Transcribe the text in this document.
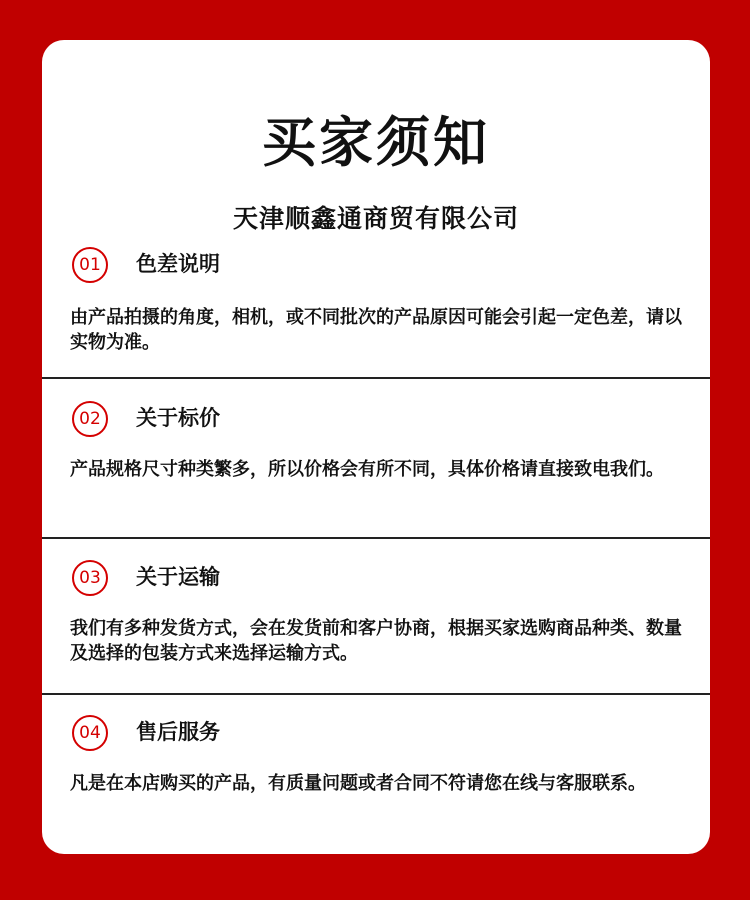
买家须知
天津顺鑫通商贸有限公司
01	色差说明
由产品拍摄的角度，相机，或不同批次的产品原因可能会引起一定色差，请以实物为准。
02	关于标价
产品规格尺寸种类繁多，所以价格会有所不同，具体价格请直接致电我们。
03	关于运输
我们有多种发货方式，会在发货前和客户协商，根据买家选购商品种类、数量及选择的包装方式来选择运输方式。
04	售后服务
凡是在本店购买的产品，有质量问题或者合同不符请您在线与客服联系。
